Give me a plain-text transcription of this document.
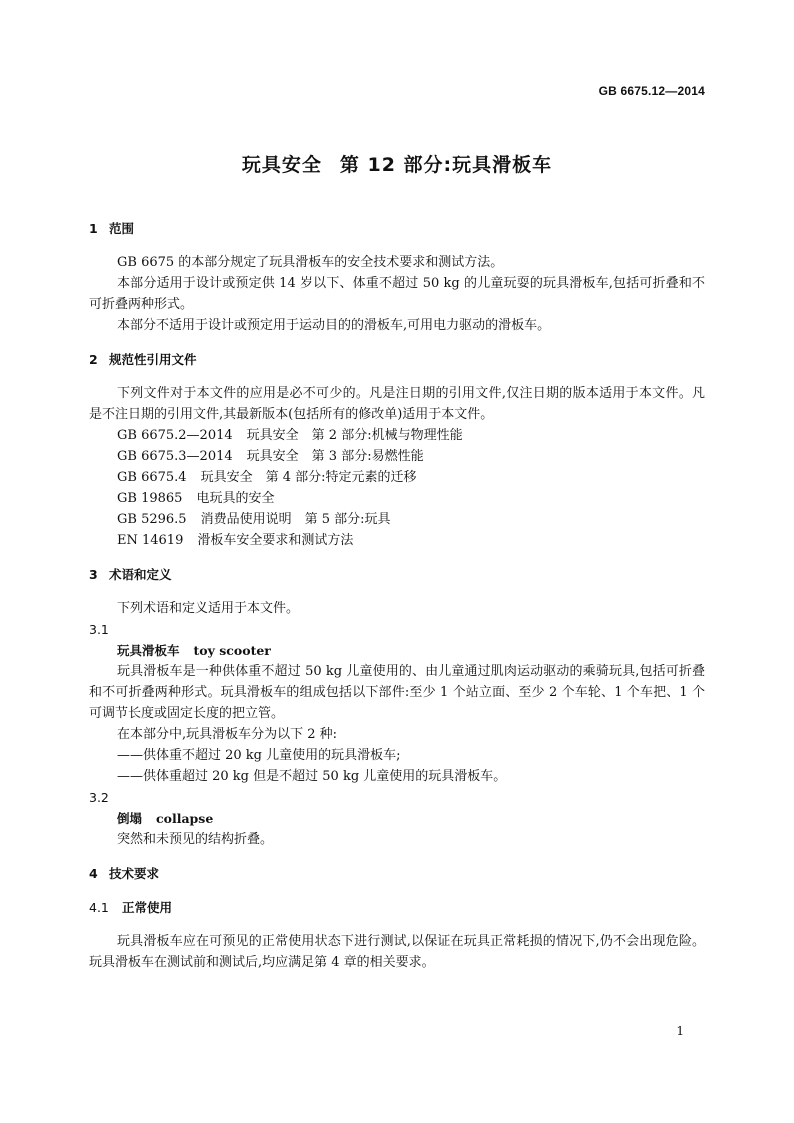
GB 6675.12—2014
玩具安全 第 12 部分:玩具滑板车
1 范围

GB 6675 的本部分规定了玩具滑板车的安全技术要求和测试方法。

本部分适用于设计或预定供 14 岁以下、体重不超过 50 kg 的儿童玩耍的玩具滑板车,包括可折叠和不可折叠两种形式。

本部分不适用于设计或预定用于运动目的的滑板车,可用电力驱动的滑板车。

2 规范性引用文件

下列文件对于本文件的应用是必不可少的。凡是注日期的引用文件,仅注日期的版本适用于本文件。凡是不注日期的引用文件,其最新版本(包括所有的修改单)适用于本文件。

GB 6675.2—2014 玩具安全　第 2 部分:机械与物理性能
GB 6675.3—2014 玩具安全　第 3 部分:易燃性能
GB 6675.4 玩具安全　第 4 部分:特定元素的迁移
GB 19865 电玩具的安全
GB 5296.5 消费品使用说明　第 5 部分:玩具
EN 14619 滑板车安全要求和测试方法
3 术语和定义

下列术语和定义适用于本文件。

3.1
玩具滑板车 toy scooter

玩具滑板车是一种供体重不超过 50 kg 儿童使用的、由儿童通过肌肉运动驱动的乘骑玩具,包括可折叠和不可折叠两种形式。玩具滑板车的组成包括以下部件:至少 1 个站立面、至少 2 个车轮、1 个车把、1 个可调节长度或固定长度的把立管。

在本部分中,玩具滑板车分为以下 2 种:

——供体重不超过 20 kg 儿童使用的玩具滑板车;
——供体重超过 20 kg 但是不超过 50 kg 儿童使用的玩具滑板车。
3.2
倒塌 collapse

突然和未预见的结构折叠。

4 技术要求
4.1 正常使用

玩具滑板车应在可预见的正常使用状态下进行测试,以保证在玩具正常耗损的情况下,仍不会出现危险。玩具滑板车在测试前和测试后,均应满足第 4 章的相关要求。

1
